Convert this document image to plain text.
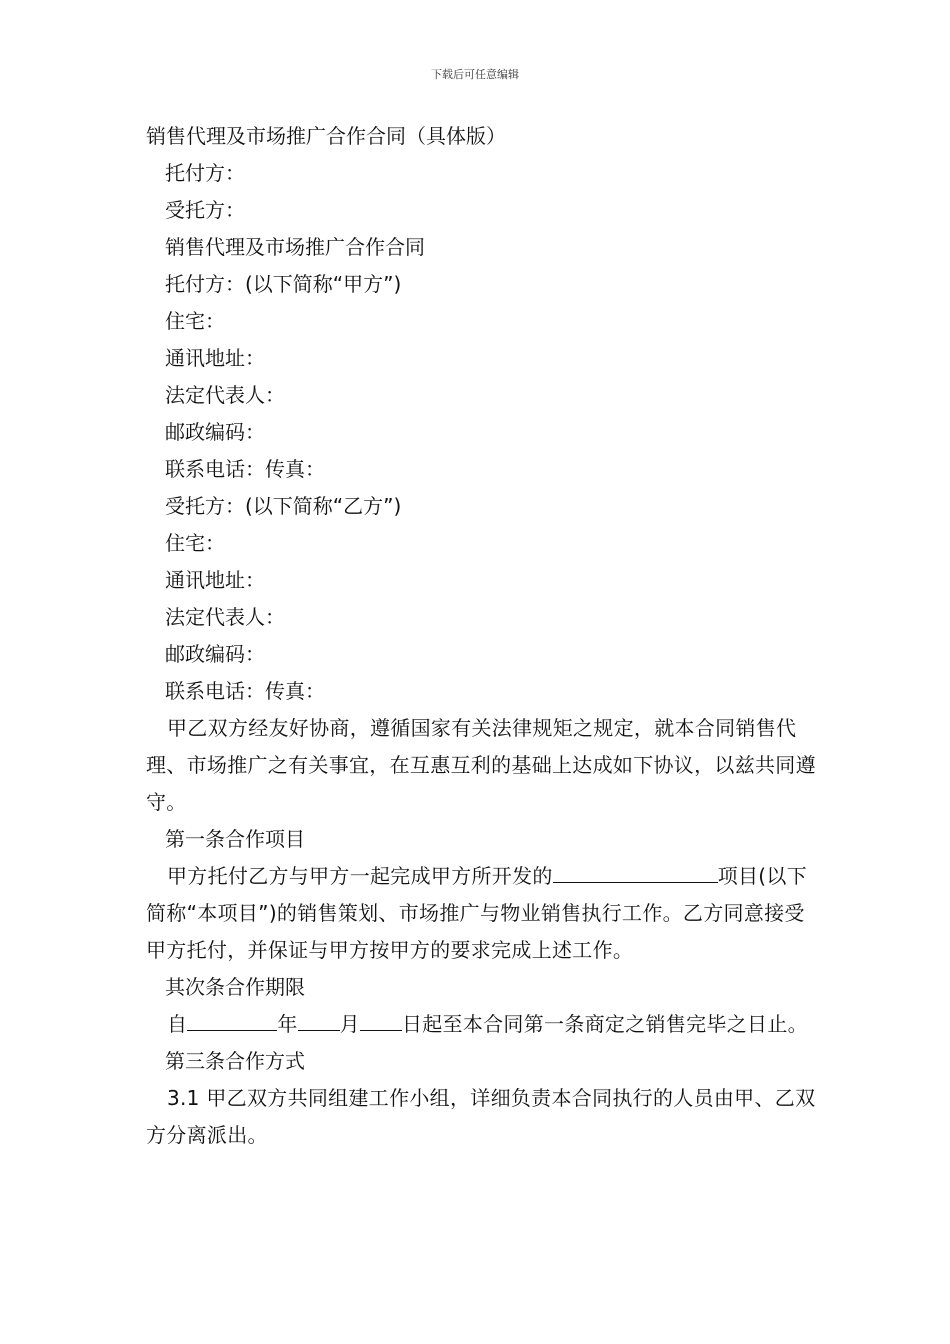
下载后可任意编辑
销售代理及市场推广合作合同（具体版）
托付方：
受托方：
销售代理及市场推广合作合同
托付方：(以下简称“甲方”)
住宅：
通讯地址：
法定代表人：
邮政编码：
联系电话：传真：
受托方：(以下简称“乙方”)
住宅：
通讯地址：
法定代表人：
邮政编码：
联系电话：传真：
甲乙双方经友好协商，遵循国家有关法律规矩之规定，就本合同销售代理、市场推广之有关事宜，在互惠互利的基础上达成如下协议，以兹共同遵守。
第一条合作项目
甲方托付乙方与甲方一起完成甲方所开发的	项目(以下简称“本项目”)的销售策划、市场推广与物业销售执行工作。乙方同意接受甲方托付，并保证与甲方按甲方的要求完成上述工作。
其次条合作期限
自	年 月 日起至本合同第一条商定之销售完毕之日止。
第三条合作方式
3.1 甲乙双方共同组建工作小组，详细负责本合同执行的人员由甲、乙双方分离派出。
